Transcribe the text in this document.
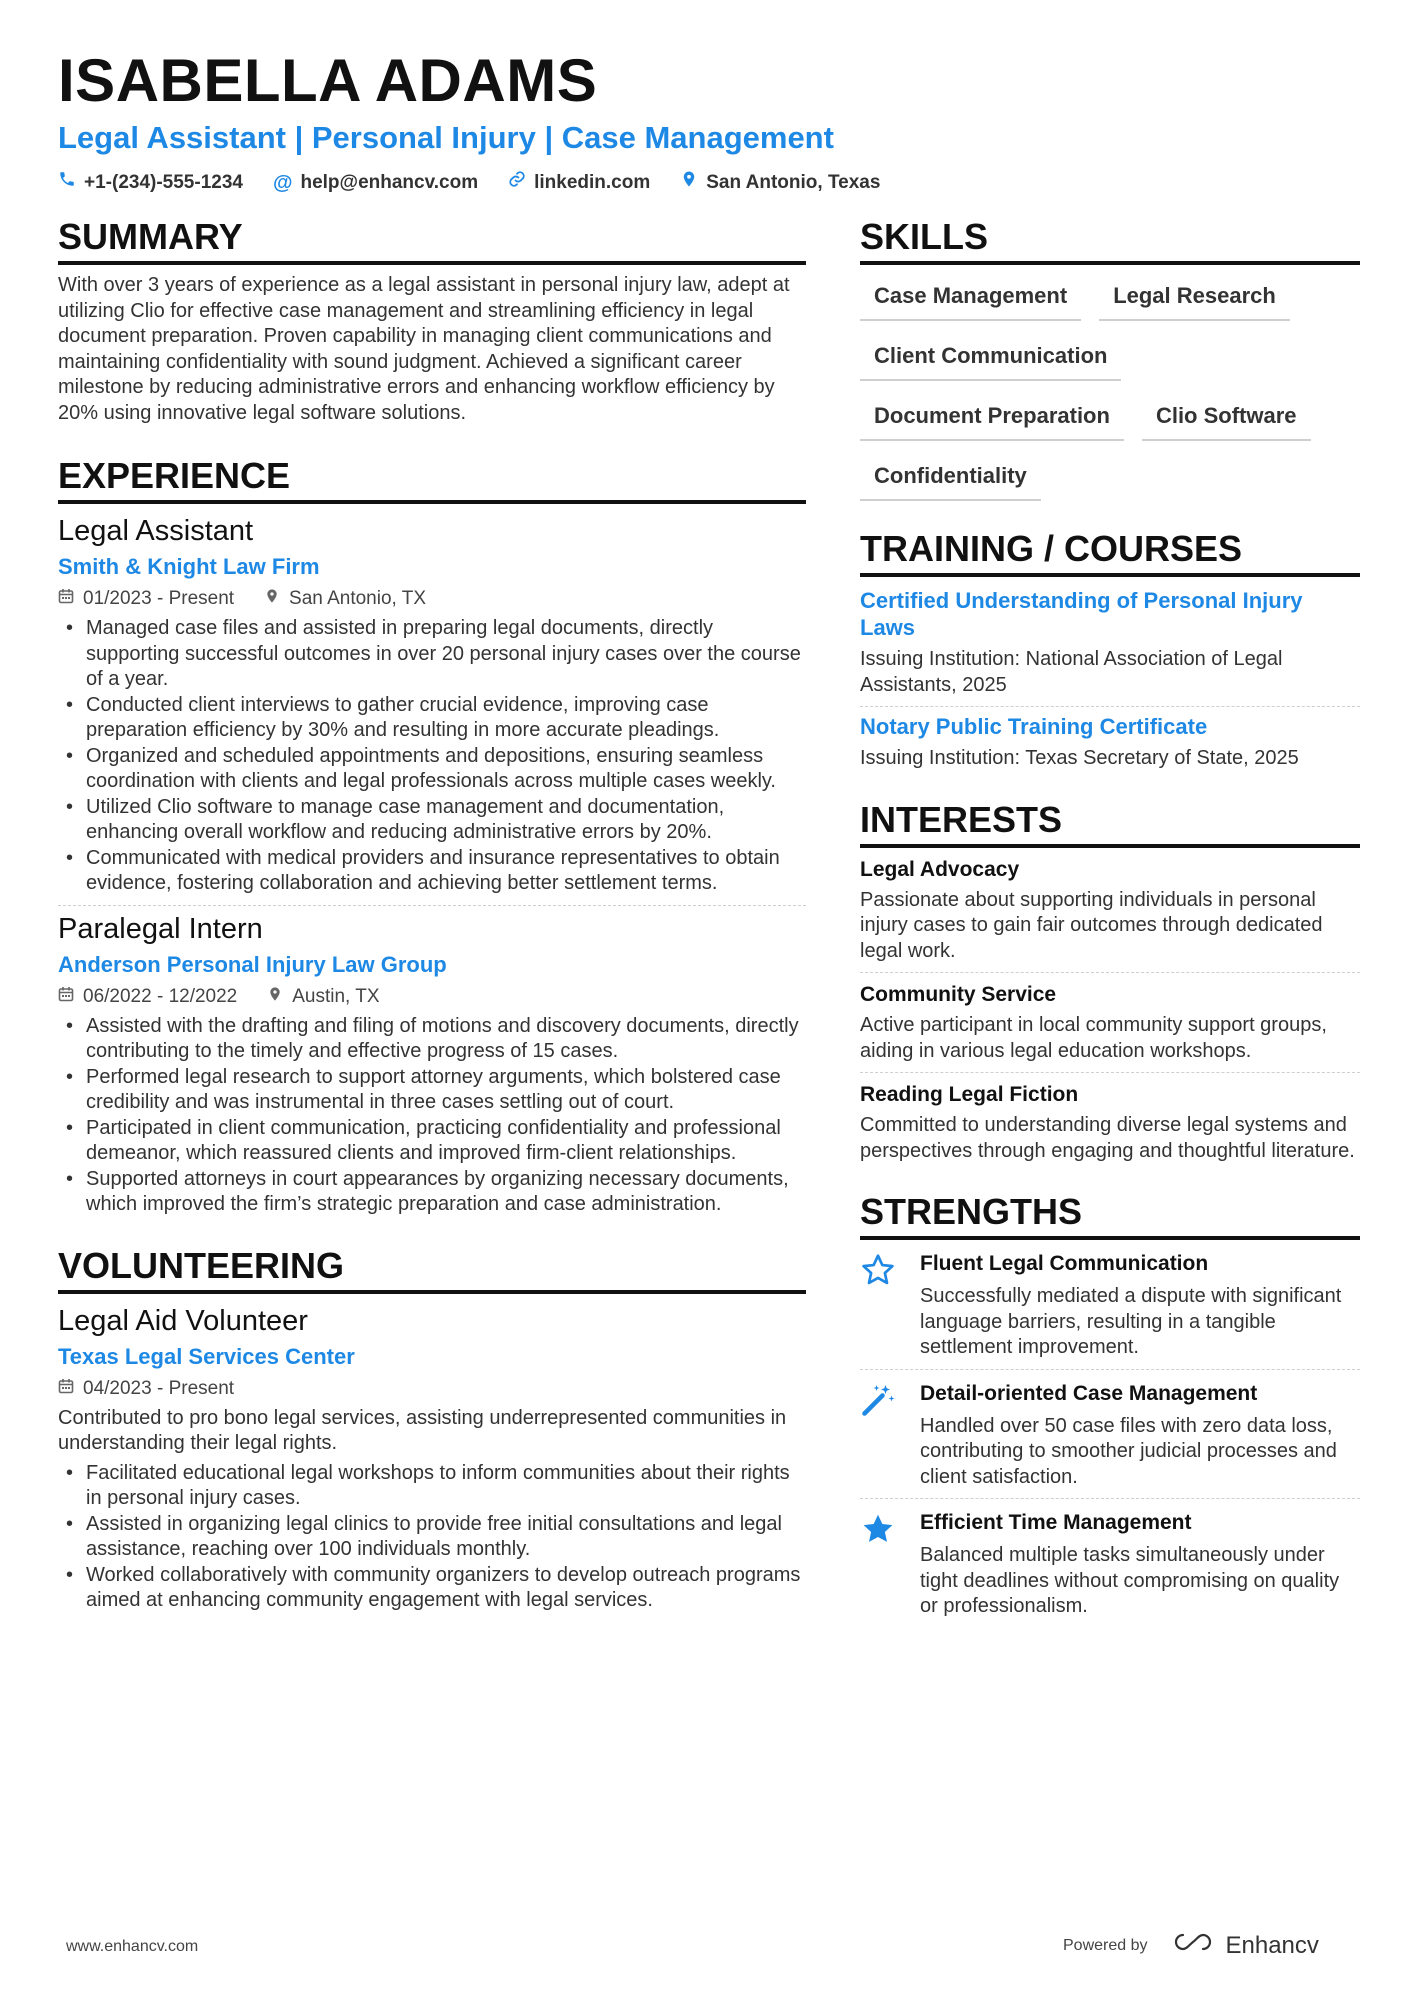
ISABELLA ADAMS
Legal Assistant | Personal Injury | Case Management
+1-(234)-555-1234 @ help@enhancv.com	linkedin.com	San Antonio, Texas
SUMMARY
With over 3 years of experience as a legal assistant in personal injury law, adept at utilizing Clio for effective case management and streamlining efficiency in legal document preparation. Proven capability in managing client communications and maintaining confidentiality with sound judgment. Achieved a significant career milestone by reducing administrative errors and enhancing workflow efficiency by 20% using innovative legal software solutions.
EXPERIENCE
Legal Assistant
Smith & Knight Law Firm
01/2023 - Present	San Antonio, TX
• Managed case files and assisted in preparing legal documents, directly supporting successful outcomes in over 20 personal injury cases over the course of a year.
• Conducted client interviews to gather crucial evidence, improving case preparation efficiency by 30% and resulting in more accurate pleadings.
• Organized and scheduled appointments and depositions, ensuring seamless coordination with clients and legal professionals across multiple cases weekly.
• Utilized Clio software to manage case management and documentation, enhancing overall workflow and reducing administrative errors by 20%.
• Communicated with medical providers and insurance representatives to obtain evidence, fostering collaboration and achieving better settlement terms.
Paralegal Intern
Anderson Personal Injury Law Group
06/2022 - 12/2022	Austin, TX
• Assisted with the drafting and filing of motions and discovery documents, directly contributing to the timely and effective progress of 15 cases.
• Performed legal research to support attorney arguments, which bolstered case credibility and was instrumental in three cases settling out of court.
• Participated in client communication, practicing confidentiality and professional demeanor, which reassured clients and improved firm-client relationships.
• Supported attorneys in court appearances by organizing necessary documents, which improved the firm’s strategic preparation and case administration.
VOLUNTEERING
Legal Aid Volunteer
Texas Legal Services Center
04/2023 - Present
Contributed to pro bono legal services, assisting underrepresented communities in understanding their legal rights.
• Facilitated educational legal workshops to inform communities about their rights in personal injury cases.
• Assisted in organizing legal clinics to provide free initial consultations and legal assistance, reaching over 100 individuals monthly.
• Worked collaboratively with community organizers to develop outreach programs aimed at enhancing community engagement with legal services.
SKILLS
Case Management	Legal Research
Client Communication
Document Preparation	Clio Software
Confidentiality
TRAINING / COURSES
Certified Understanding of Personal Injury Laws
Issuing Institution: National Association of Legal Assistants, 2025
Notary Public Training Certificate
Issuing Institution: Texas Secretary of State, 2025
INTERESTS
Legal Advocacy
Passionate about supporting individuals in personal injury cases to gain fair outcomes through dedicated legal work.
Community Service
Active participant in local community support groups, aiding in various legal education workshops.
Reading Legal Fiction
Committed to understanding diverse legal systems and perspectives through engaging and thoughtful literature.
STRENGTHS
Fluent Legal Communication
Successfully mediated a dispute with significant language barriers, resulting in a tangible settlement improvement.
Detail-oriented Case Management
Handled over 50 case files with zero data loss, contributing to smoother judicial processes and client satisfaction.
Efficient Time Management
Balanced multiple tasks simultaneously under tight deadlines without compromising on quality or professionalism.
www.enhancv.com	Powered by	Enhancv
